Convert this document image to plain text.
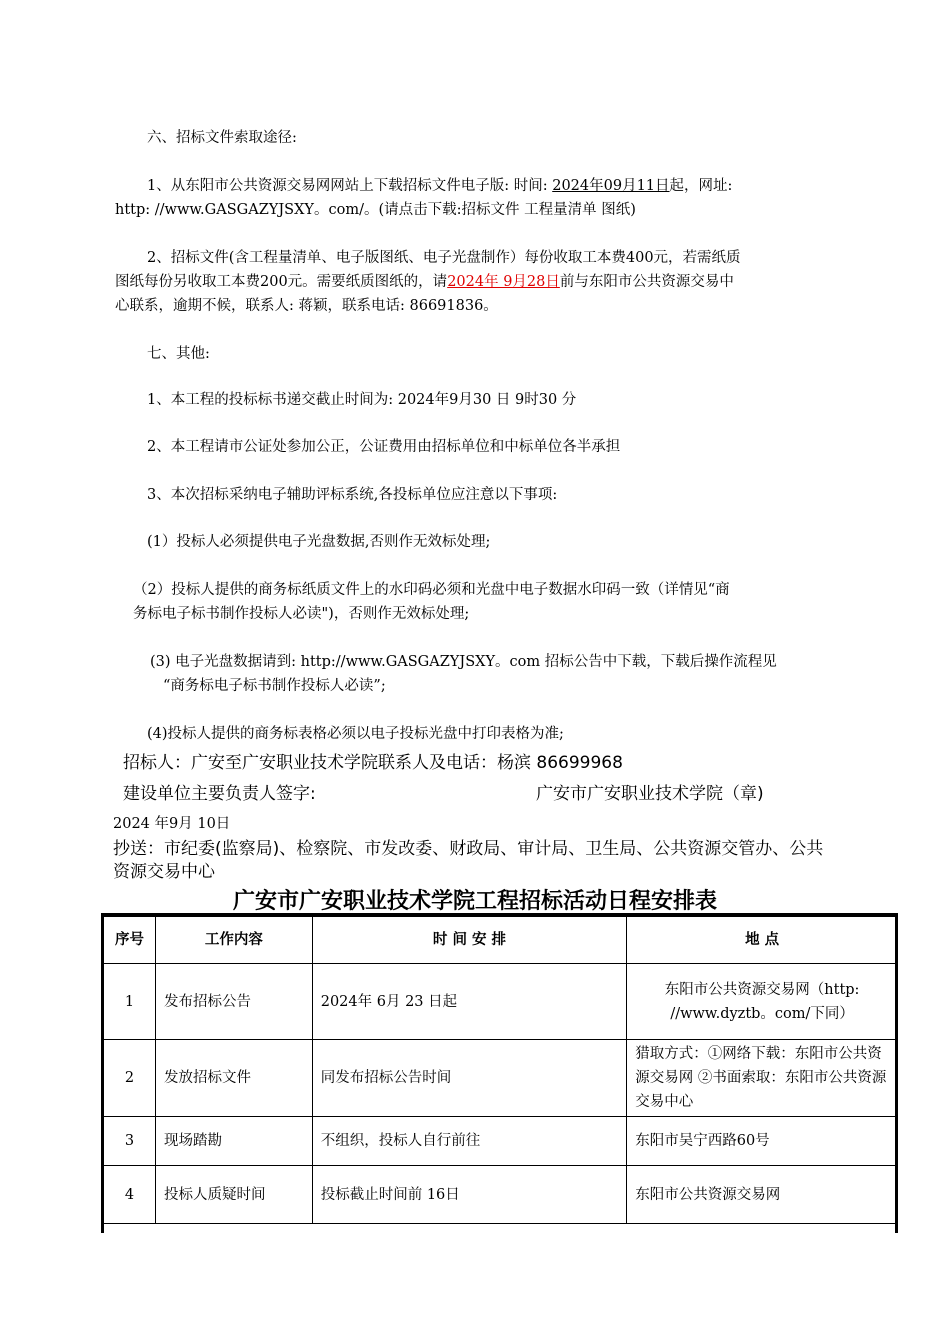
六、招标文件索取途径:
1、从东阳市公共资源交易网网站上下载招标文件电子版: 时间: 2024年09月11日起，网址:
http: //www.GASGAZYJSXY。com/。(请点击下载:招标文件 工程量清单 图纸)
2、招标文件(含工程量清单、电子版图纸、电子光盘制作）每份收取工本费400元，若需纸质
图纸每份另收取工本费200元。需要纸质图纸的，请2024年 9月28日前与东阳市公共资源交易中
心联系，逾期不候，联系人: 蒋颖，联系电话: 86691836。
七、其他:
1、本工程的投标标书递交截止时间为: 2024年9月30 日 9时30 分
2、本工程请市公证处参加公正，公证费用由招标单位和中标单位各半承担
3、本次招标采纳电子辅助评标系统,各投标单位应注意以下事项:
(1）投标人必须提供电子光盘数据,否则作无效标处理;
（2）投标人提供的商务标纸质文件上的水印码必须和光盘中电子数据水印码一致（详情见“商
务标电子标书制作投标人必读")，否则作无效标处理;
(3) 电子光盘数据请到: http://www.GASGAZYJSXY。com 招标公告中下载，下载后操作流程见
“商务标电子标书制作投标人必读”;
(4)投标人提供的商务标表格必须以电子投标光盘中打印表格为准;
招标人：广安至广安职业技术学院联系人及电话：杨滨 86699968
建设单位主要负责人签字:	广安市广安职业技术学院（章)
2024 年9月 10日
抄送：市纪委(监察局)、检察院、市发改委、财政局、审计局、卫生局、公共资源交管办、公共
资源交易中心
广安市广安职业技术学院工程招标活动日程安排表
序号	工作内容	时 间 安 排	地 点
1	发布招标公告	2024年 6月 23 日起	东阳市公共资源交易网（http: //www.dyztb。com/下同）
2	发放招标文件	同发布招标公告时间	猎取方式：①网络下载：东阳市公共资源交易网 ②书面索取：东阳市公共资源交易中心
3	现场踏勘	不组织，投标人自行前往	东阳市吴宁西路60号
4	投标人质疑时间	投标截止时间前 16日	东阳市公共资源交易网
